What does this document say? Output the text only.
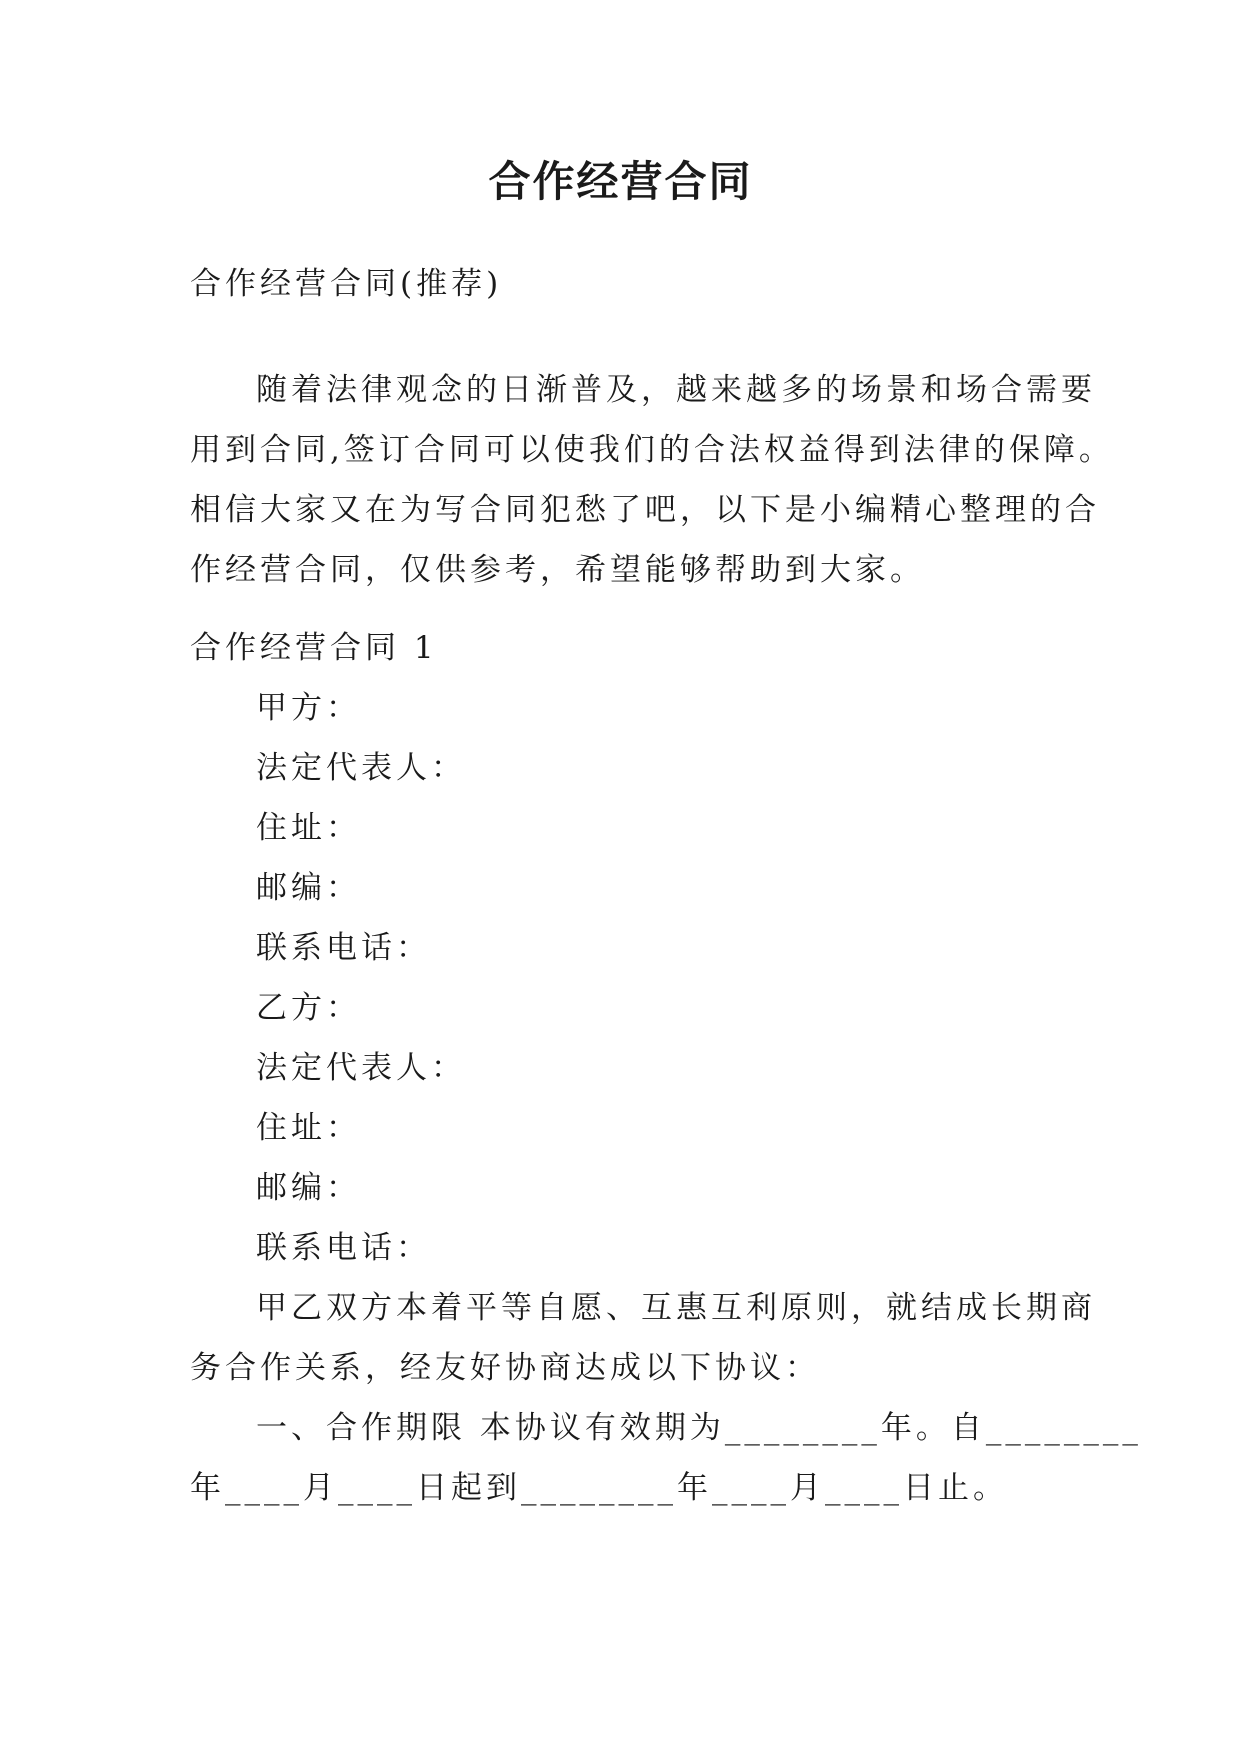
合作经营合同
合作经营合同(推荐)
随着法律观念的日渐普及，越来越多的场景和场合需要
用到合同,签订合同可以使我们的合法权益得到法律的保障。
相信大家又在为写合同犯愁了吧，以下是小编精心整理的合
作经营合同，仅供参考，希望能够帮助到大家。
合作经营合同 1
甲方：
法定代表人：
住址：
邮编：
联系电话：
乙方：
法定代表人：
住址：
邮编：
联系电话：
甲乙双方本着平等自愿、互惠互利原则，就结成长期商
务合作关系，经友好协商达成以下协议：
一、合作期限 本协议有效期为________年。自________
年____月____日起到________年____月____日止。
